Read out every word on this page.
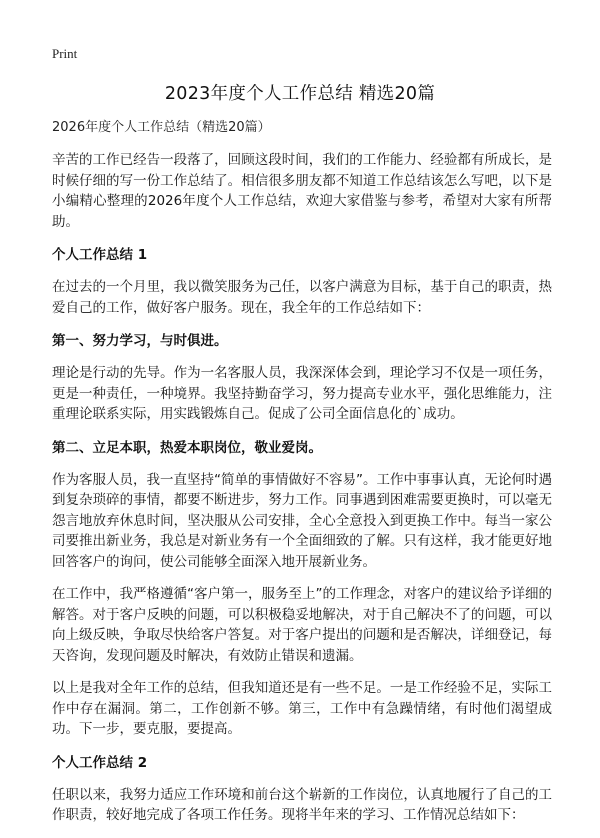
Print
2023年度个人工作总结 精选20篇
2026年度个人工作总结（精选20篇）

辛苦的工作已经告一段落了，回顾这段时间，我们的工作能力、经验都有所成长，是时候仔细的写一份工作总结了。相信很多朋友都不知道工作总结该怎么写吧，以下是小编精心整理的2026年度个人工作总结，欢迎大家借鉴与参考，希望对大家有所帮助。

个人工作总结 1

在过去的一个月里，我以微笑服务为己任，以客户满意为目标，基于自己的职责，热爱自己的工作，做好客户服务。现在，我全年的工作总结如下：

第一、努力学习，与时俱进。

理论是行动的先导。作为一名客服人员，我深深体会到，理论学习不仅是一项任务，更是一种责任，一种境界。我坚持勤奋学习，努力提高专业水平，强化思维能力，注重理论联系实际，用实践锻炼自己。促成了公司全面信息化的`成功。

第二、立足本职，热爱本职岗位，敬业爱岗。

作为客服人员，我一直坚持“简单的事情做好不容易”。工作中事事认真，无论何时遇到复杂琐碎的事情，都要不断进步，努力工作。同事遇到困难需要更换时，可以毫无怨言地放弃休息时间，坚决服从公司安排，全心全意投入到更换工作中。每当一家公司要推出新业务，我总是对新业务有一个全面细致的了解。只有这样，我才能更好地回答客户的询问，使公司能够全面深入地开展新业务。

在工作中，我严格遵循“客户第一，服务至上”的工作理念，对客户的建议给予详细的解答。对于客户反映的问题，可以积极稳妥地解决，对于自己解决不了的问题，可以向上级反映，争取尽快给客户答复。对于客户提出的问题和是否解决，详细登记，每天咨询，发现问题及时解决，有效防止错误和遗漏。

以上是我对全年工作的总结，但我知道还是有一些不足。一是工作经验不足，实际工作中存在漏洞。第二，工作创新不够。第三，工作中有急躁情绪，有时他们渴望成功。下一步，要克服，要提高。

个人工作总结 2

任职以来，我努力适应工作环境和前台这个崭新的工作岗位，认真地履行了自己的工作职责，较好地完成了各项工作任务。现将半年来的学习、工作情况总结如下：
